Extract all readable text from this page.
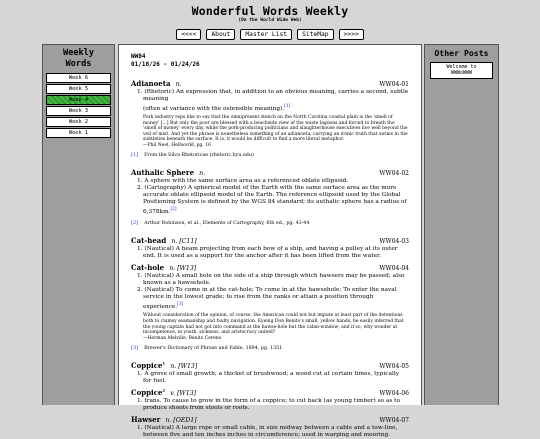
Wonderful Words Weekly
(On the World Wide Web)
<<<<	About	Master List	SiteMap	>>>>
Weekly
Words
Week 6
Week 5
Week 4
Week 3
Week 2
Week 1
WW04
01/18/26 - 01/24/26
Adianoeta n.	WW04-01
1. (Rhetoric) An expression that, in addition to an obvious meaning, carries a second, subtle meaning
(often at variance with the ostensible meaning).[1]
Pork industry reps like to say that the omnipresent stench on the North Carolina coastal plain is the 'smell of money' [...] But only the poor are blessed with a beachside view of the waste lagoons and forced to breath the 'smell of money' every day, while the pork-producing politicians and slaughterhouse executives live well beyond the veil of mist. And yet the phrase is nonetheless something of an adianoeta, carrying an ironic truth that swims in the subtleties beneath the surface. It is, it would be difficult to find a more literal metaphor.
—Phil Neel, Hellworld, pg. 16
[1] From the Silva Rhetoricae (rhetoric.byu.edu)
Authalic Sphere n.	WW04-02
1. A sphere with the same surface area as a referenced oblate ellipsoid.
2. (Cartography) A spherical model of the Earth with the same surface area as the more accurate oblate ellipsoid model of the Earth. The reference ellipsoid used by the Global Positioning System is defined by the WGS 84 standard; its authalic sphere has a radius of 6,378km.[2]
[2] Arthur Robinson, et al., Elements of Cartography, 6th ed., pg. 43-44
Cat-head n. [C11]	WW04-03
1. (Nautical) A beam projecting from each bow of a ship, and having a pulley at its outer end. It is used as a support for the anchor after it has been lifted from the water.
Cat-hole n. [W13]	WW04-04
1. (Nautical) A small hole on the side of a ship through which hawsers may be passed; also known as a hawsehole.
2. (Nautical) To come in at the cat-hole; To come in at the hawsehole: To enter the naval service in the lowest grade; to rise from the ranks or attain a position through experience.[3]
Without consideration of the opinion, of course, the American could not but impute at least part of the detentions both to clumsy seamanship and faulty navigation. Eyeing Don Benito's small, yellow hands, he easily inferred that the young captain had not got into command at the hawse-hole but the cabin-window; and if so, why wonder at incompetence, in youth, sickness, and aristocracy united?
—Herman Melville, Benito Cereno
[3] Brewer's Dictionary of Phrase and Fable, 1894, pg. 1351
Coppice$^1$ n. [W13]	WW04-05
1. A grove of small growth; a thicket of brushwood; a wood cut at certain times, typically for fuel.
Coppice$^2$ v. [W13]	WW04-06
1. trans. To cause to grow in the form of a coppice; to cut back (as young timber) so as to produce shoots from stools or roots.
Hawser n. [OED1]	WW04-07
1. (Nautical) A large rope or small cable, in size midway between a cable and a tow-line, between five and ten inches inches in circumference; used in warping and mooring.
Other Posts
Welcome to
WWWoWWW
